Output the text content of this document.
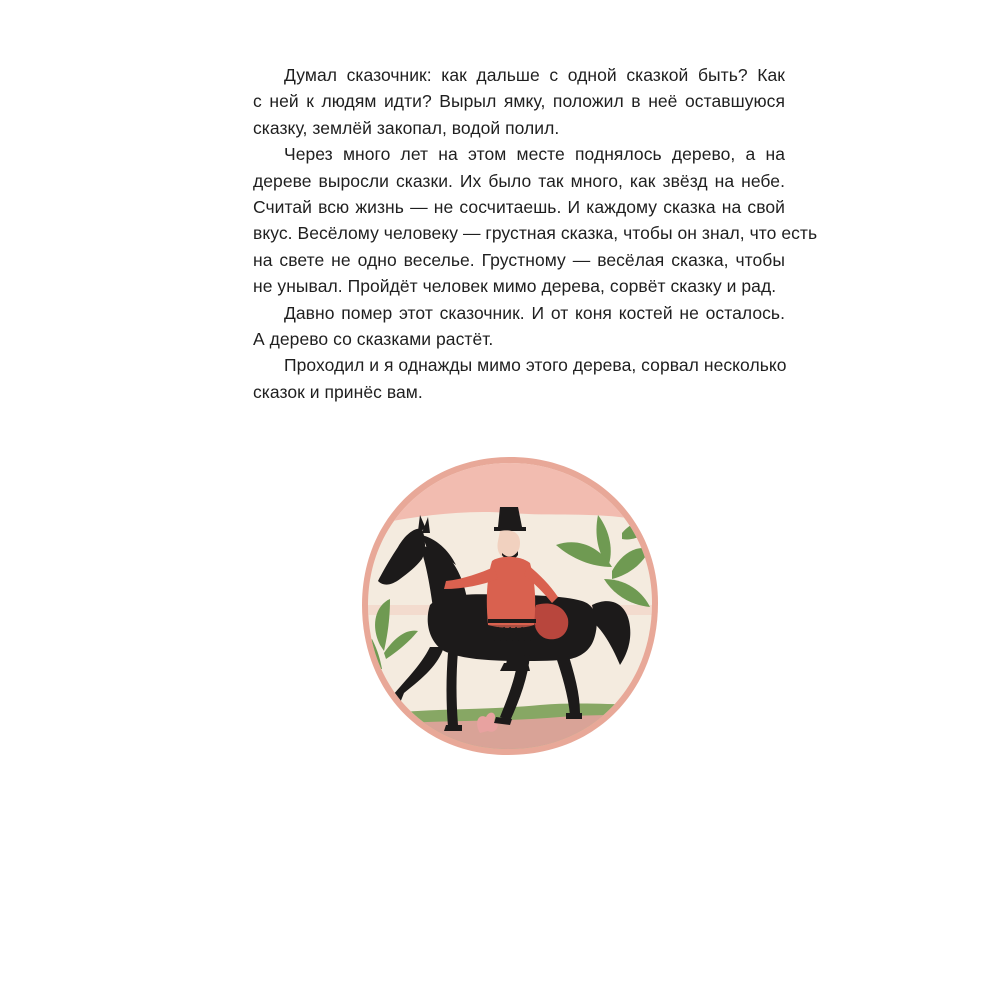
Думал сказочник: как дальше с одной сказкой быть? Как
с ней к людям идти? Вырыл ямку, положил в неё оставшуюся
сказку, землёй закопал, водой полил.
Через много лет на этом месте поднялось дерево, а на
дереве выросли сказки. Их было так много, как звёзд на небе.
Считай всю жизнь — не сосчитаешь. И каждому сказка на свой
вкус. Весёлому человеку — грустная сказка, чтобы он знал, что есть
на свете не одно веселье. Грустному — весёлая сказка, чтобы
не унывал. Пройдёт человек мимо дерева, сорвёт сказку и рад.
Давно помер этот сказочник. И от коня костей не осталось.
А дерево со сказками растёт.
Проходил и я однажды мимо этого дерева, сорвал несколько
сказок и принёс вам.
